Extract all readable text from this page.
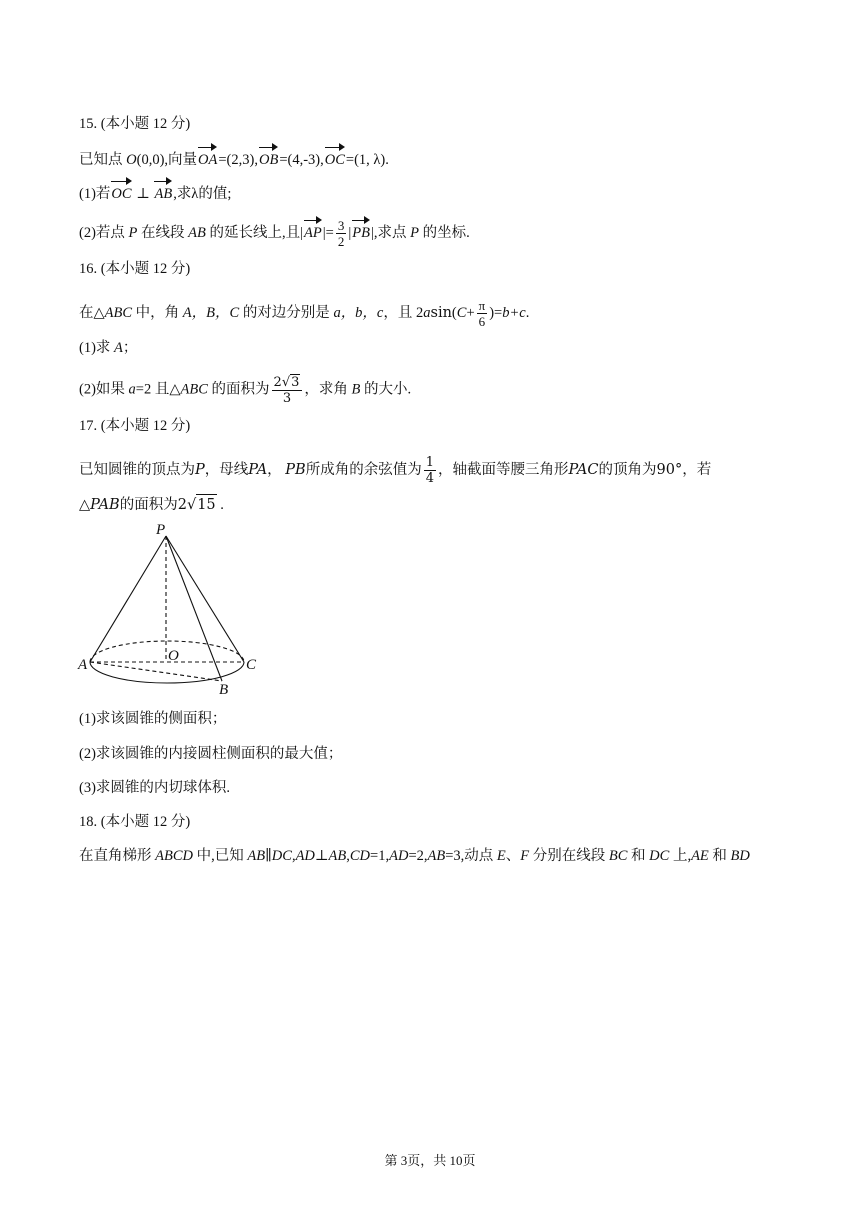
15. (本小题 12 分)
已知点 O(0,0),向量OA=(2,3),OB=(4,-3),OC=(1, λ).
(1)若OC ⊥ AB,求λ的值;
(2)若点 P 在线段 AB 的延长线上,且$|AP|= \frac{3}{2} |PB|$,求点 P 的坐标.
16. (本小题 12 分)
在△ABC 中，角 A，B，C 的对边分别是 a，b，c，且 $2asin(C+ \frac{\pi}{6} )=b+c$.
(1)求 A；
(2)如果 a=2 且△ABC 的面积为 $\frac{2√3}{3}$ ，求角 B 的大小.
17. (本小题 12 分)
已知圆锥的顶点为P，母线PA， PB所成角的余弦值为 $\frac{1}{4}$ ，轴截面等腰三角形PAC的顶角为90°，若
△PAB的面积为2√15 .
P
A
O
C
B
(1)求该圆锥的侧面积；
(2)求该圆锥的内接圆柱侧面积的最大值；
(3)求圆锥的内切球体积.
18. (本小题 12 分)
在直角梯形 ABCD 中,已知 AB∥DC,AD⊥AB,CD=1,AD=2,AB=3,动点 E、F 分别在线段 BC 和 DC 上,AE 和 BD
第 3页，共 10页
